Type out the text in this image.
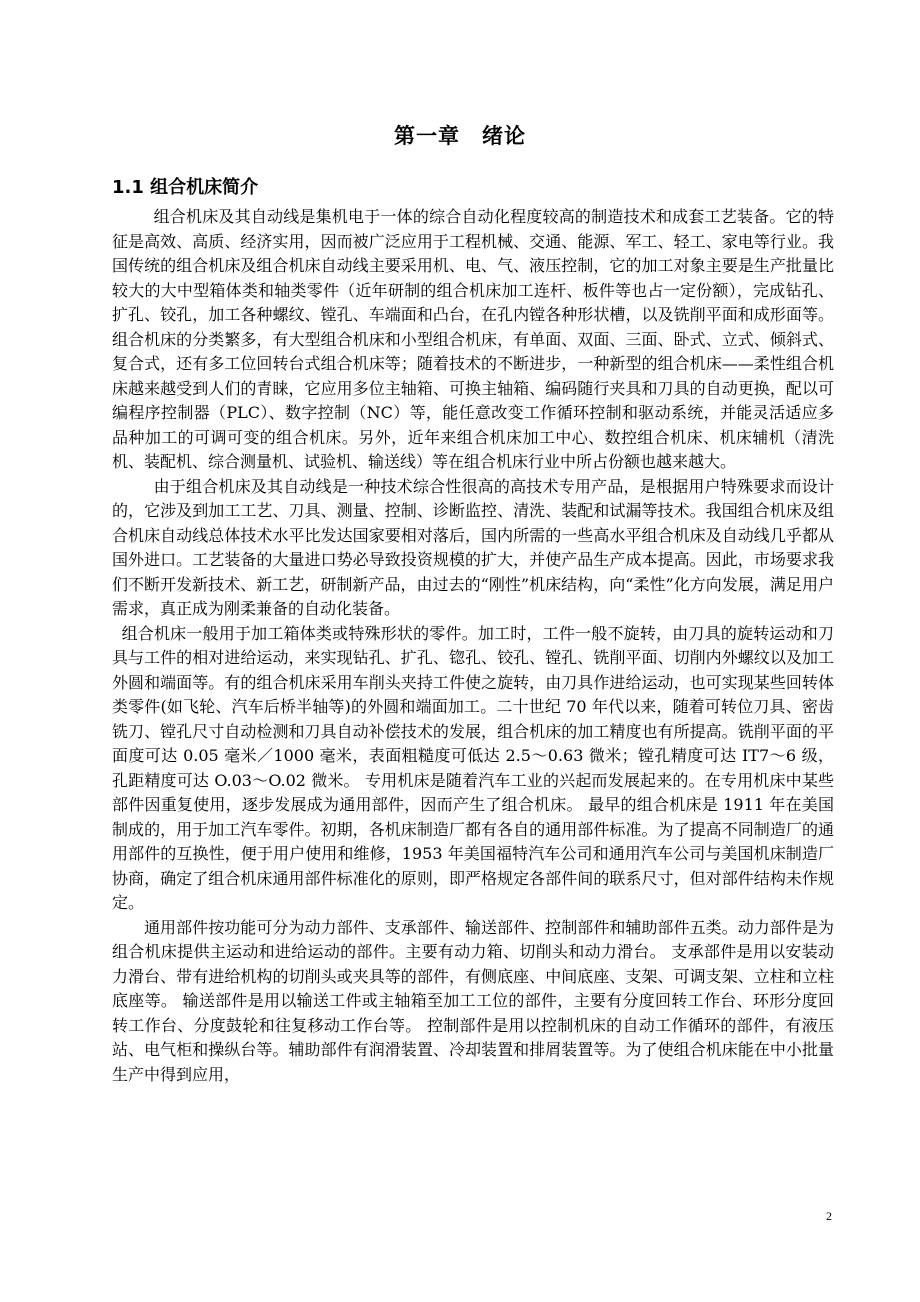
第一章　绪论
1.1 组合机床简介

组合机床及其自动线是集机电于一体的综合自动化程度较高的制造技术和成套工艺装备。它的特征是高效、高质、经济实用，因而被广泛应用于工程机械、交通、能源、军工、轻工、家电等行业。我国传统的组合机床及组合机床自动线主要采用机、电、气、液压控制，它的加工对象主要是生产批量比较大的大中型箱体类和轴类零件（近年研制的组合机床加工连杆、板件等也占一定份额），完成钻孔、扩孔、铰孔，加工各种螺纹、镗孔、车端面和凸台，在孔内镗各种形状槽，以及铣削平面和成形面等。组合机床的分类繁多，有大型组合机床和小型组合机床，有单面、双面、三面、卧式、立式、倾斜式、复合式，还有多工位回转台式组合机床等；随着技术的不断进步，一种新型的组合机床——柔性组合机床越来越受到人们的青睐，它应用多位主轴箱、可换主轴箱、编码随行夹具和刀具的自动更换，配以可编程序控制器（PLC）、数字控制（NC）等，能任意改变工作循环控制和驱动系统，并能灵活适应多品种加工的可调可变的组合机床。另外，近年来组合机床加工中心、数控组合机床、机床辅机（清洗机、装配机、综合测量机、试验机、输送线）等在组合机床行业中所占份额也越来越大。

由于组合机床及其自动线是一种技术综合性很高的高技术专用产品，是根据用户特殊要求而设计的，它涉及到加工工艺、刀具、测量、控制、诊断监控、清洗、装配和试漏等技术。我国组合机床及组合机床自动线总体技术水平比发达国家要相对落后，国内所需的一些高水平组合机床及自动线几乎都从国外进口。工艺装备的大量进口势必导致投资规模的扩大，并使产品生产成本提高。因此，市场要求我们不断开发新技术、新工艺，研制新产品，由过去的“刚性”机床结构，向“柔性”化方向发展，满足用户需求，真正成为刚柔兼备的自动化装备。

组合机床一般用于加工箱体类或特殊形状的零件。加工时，工件一般不旋转，由刀具的旋转运动和刀具与工件的相对进给运动，来实现钻孔、扩孔、锪孔、铰孔、镗孔、铣削平面、切削内外螺纹以及加工外圆和端面等。有的组合机床采用车削头夹持工件使之旋转，由刀具作进给运动，也可实现某些回转体类零件(如飞轮、汽车后桥半轴等)的外圆和端面加工。二十世纪 70 年代以来，随着可转位刀具、密齿铣刀、镗孔尺寸自动检测和刀具自动补偿技术的发展，组合机床的加工精度也有所提高。铣削平面的平面度可达 0.05 毫米／1000 毫米，表面粗糙度可低达 2.5～0.63 微米；镗孔精度可达 IT7～6 级，孔距精度可达 O.03～O.02 微米。 专用机床是随着汽车工业的兴起而发展起来的。在专用机床中某些部件因重复使用，逐步发展成为通用部件，因而产生了组合机床。 最早的组合机床是 1911 年在美国制成的，用于加工汽车零件。初期，各机床制造厂都有各自的通用部件标准。为了提高不同制造厂的通用部件的互换性，便于用户使用和维修，1953 年美国福特汽车公司和通用汽车公司与美国机床制造厂协商，确定了组合机床通用部件标准化的原则，即严格规定各部件间的联系尺寸，但对部件结构未作规定。

通用部件按功能可分为动力部件、支承部件、输送部件、控制部件和辅助部件五类。动力部件是为组合机床提供主运动和进给运动的部件。主要有动力箱、切削头和动力滑台。 支承部件是用以安装动力滑台、带有进给机构的切削头或夹具等的部件，有侧底座、中间底座、支架、可调支架、立柱和立柱底座等。 输送部件是用以输送工件或主轴箱至加工工位的部件，主要有分度回转工作台、环形分度回转工作台、分度鼓轮和往复移动工作台等。 控制部件是用以控制机床的自动工作循环的部件，有液压站、电气柜和操纵台等。辅助部件有润滑装置、冷却装置和排屑装置等。为了使组合机床能在中小批量生产中得到应用，

2
